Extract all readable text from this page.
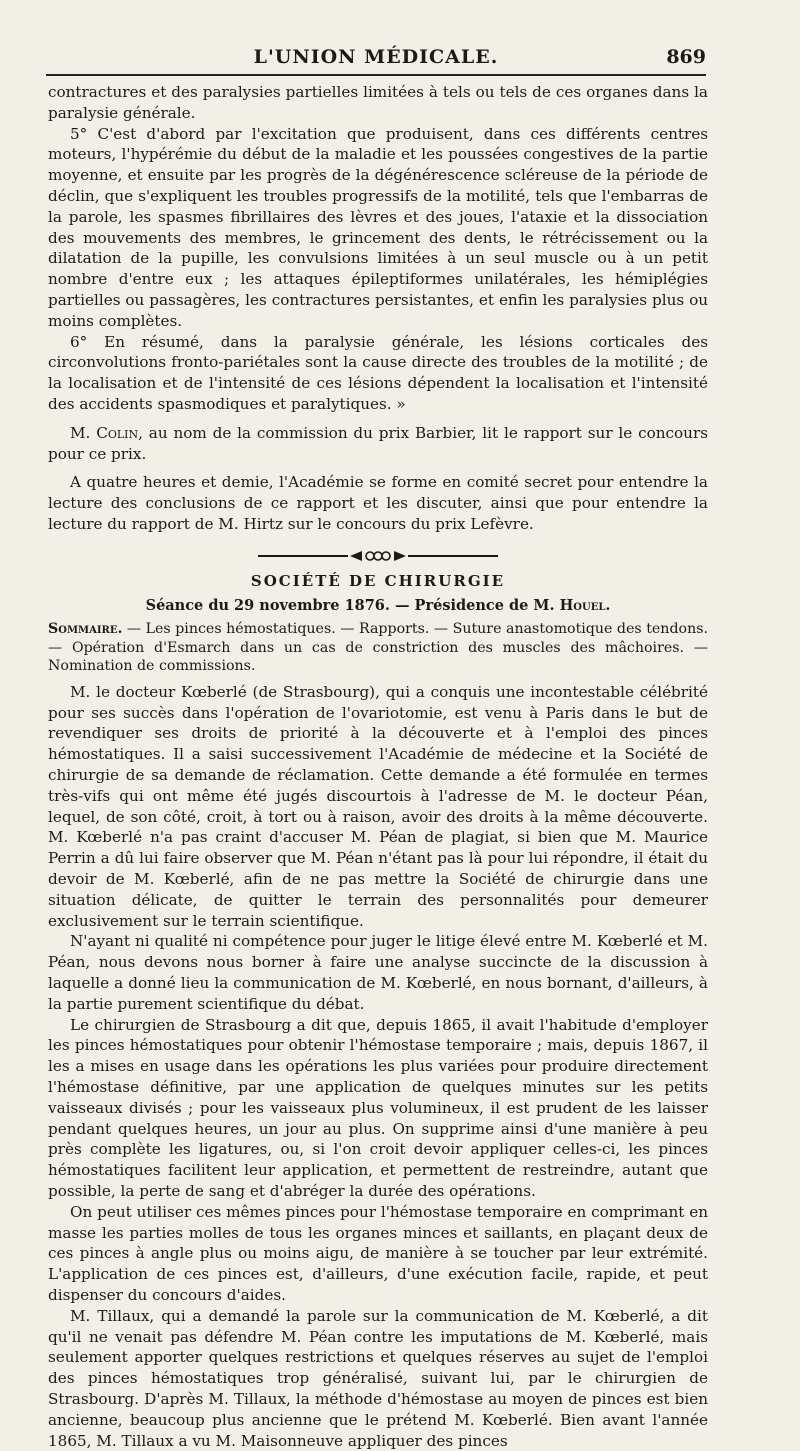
L'UNION MÉDICALE.	869

contractures et des paralysies partielles limitées à tels ou tels de ces organes dans la paralysie générale.

5° C'est d'abord par l'excitation que produisent, dans ces différents centres moteurs, l'hypérémie du début de la maladie et les poussées congestives de la partie moyenne, et ensuite par les progrès de la dégénérescence scléreuse de la période de déclin, que s'expliquent les troubles progressifs de la motilité, tels que l'embarras de la parole, les spasmes fibrillaires des lèvres et des joues, l'ataxie et la dissociation des mouvements des membres, le grincement des dents, le rétrécissement ou la dilatation de la pupille, les convulsions limitées à un seul muscle ou à un petit nombre d'entre eux ; les attaques épileptiformes unilatérales, les hémiplégies partielles ou passagères, les contractures persistantes, et enfin les paralysies plus ou moins complètes.

6° En résumé, dans la paralysie générale, les lésions corticales des circonvolutions fronto-pariétales sont la cause directe des troubles de la motilité ; de la localisation et de l'intensité de ces lésions dépendent la localisation et l'intensité des accidents spasmodiques et paralytiques. »

M. Colin, au nom de la commission du prix Barbier, lit le rapport sur le concours pour ce prix.

A quatre heures et demie, l'Académie se forme en comité secret pour entendre la lecture des conclusions de ce rapport et les discuter, ainsi que pour entendre la lecture du rapport de M. Hirtz sur le concours du prix Lefèvre.

SOCIÉTÉ DE CHIRURGIE
Séance du 29 novembre 1876. — Présidence de M. Houel.

Sommaire. — Les pinces hémostatiques. — Rapports. — Suture anastomotique des tendons. — Opération d'Esmarch dans un cas de constriction des muscles des mâchoires. — Nomination de commissions.

M. le docteur Kœberlé (de Strasbourg), qui a conquis une incontestable célébrité pour ses succès dans l'opération de l'ovariotomie, est venu à Paris dans le but de revendiquer ses droits de priorité à la découverte et à l'emploi des pinces hémostatiques. Il a saisi successivement l'Académie de médecine et la Société de chirurgie de sa demande de réclamation. Cette demande a été formulée en termes très-vifs qui ont même été jugés discourtois à l'adresse de M. le docteur Péan, lequel, de son côté, croit, à tort ou à raison, avoir des droits à la même découverte. M. Kœberlé n'a pas craint d'accuser M. Péan de plagiat, si bien que M. Maurice Perrin a dû lui faire observer que M. Péan n'étant pas là pour lui répondre, il était du devoir de M. Kœberlé, afin de ne pas mettre la Société de chirurgie dans une situation délicate, de quitter le terrain des personnalités pour demeurer exclusivement sur le terrain scientifique.

N'ayant ni qualité ni compétence pour juger le litige élevé entre M. Kœberlé et M. Péan, nous devons nous borner à faire une analyse succincte de la discussion à laquelle a donné lieu la communication de M. Kœberlé, en nous bornant, d'ailleurs, à la partie purement scientifique du débat.

Le chirurgien de Strasbourg a dit que, depuis 1865, il avait l'habitude d'employer les pinces hémostatiques pour obtenir l'hémostase temporaire ; mais, depuis 1867, il les a mises en usage dans les opérations les plus variées pour produire directement l'hémostase définitive, par une application de quelques minutes sur les petits vaisseaux divisés ; pour les vaisseaux plus volumineux, il est prudent de les laisser pendant quelques heures, un jour au plus. On supprime ainsi d'une manière à peu près complète les ligatures, ou, si l'on croit devoir appliquer celles-ci, les pinces hémostatiques facilitent leur application, et permettent de restreindre, autant que possible, la perte de sang et d'abréger la durée des opérations.

On peut utiliser ces mêmes pinces pour l'hémostase temporaire en comprimant en masse les parties molles de tous les organes minces et saillants, en plaçant deux de ces pinces à angle plus ou moins aigu, de manière à se toucher par leur extrémité. L'application de ces pinces est, d'ailleurs, d'une exécution facile, rapide, et peut dispenser du concours d'aides.

M. Tillaux, qui a demandé la parole sur la communication de M. Kœberlé, a dit qu'il ne venait pas défendre M. Péan contre les imputations de M. Kœberlé, mais seulement apporter quelques restrictions et quelques réserves au sujet de l'emploi des pinces hémostatiques trop généralisé, suivant lui, par le chirurgien de Strasbourg. D'après M. Tillaux, la méthode d'hémostase au moyen de pinces est bien ancienne, beaucoup plus ancienne que le prétend M. Kœberlé. Bien avant l'année 1865, M. Tillaux a vu M. Maisonneuve appliquer des pinces
